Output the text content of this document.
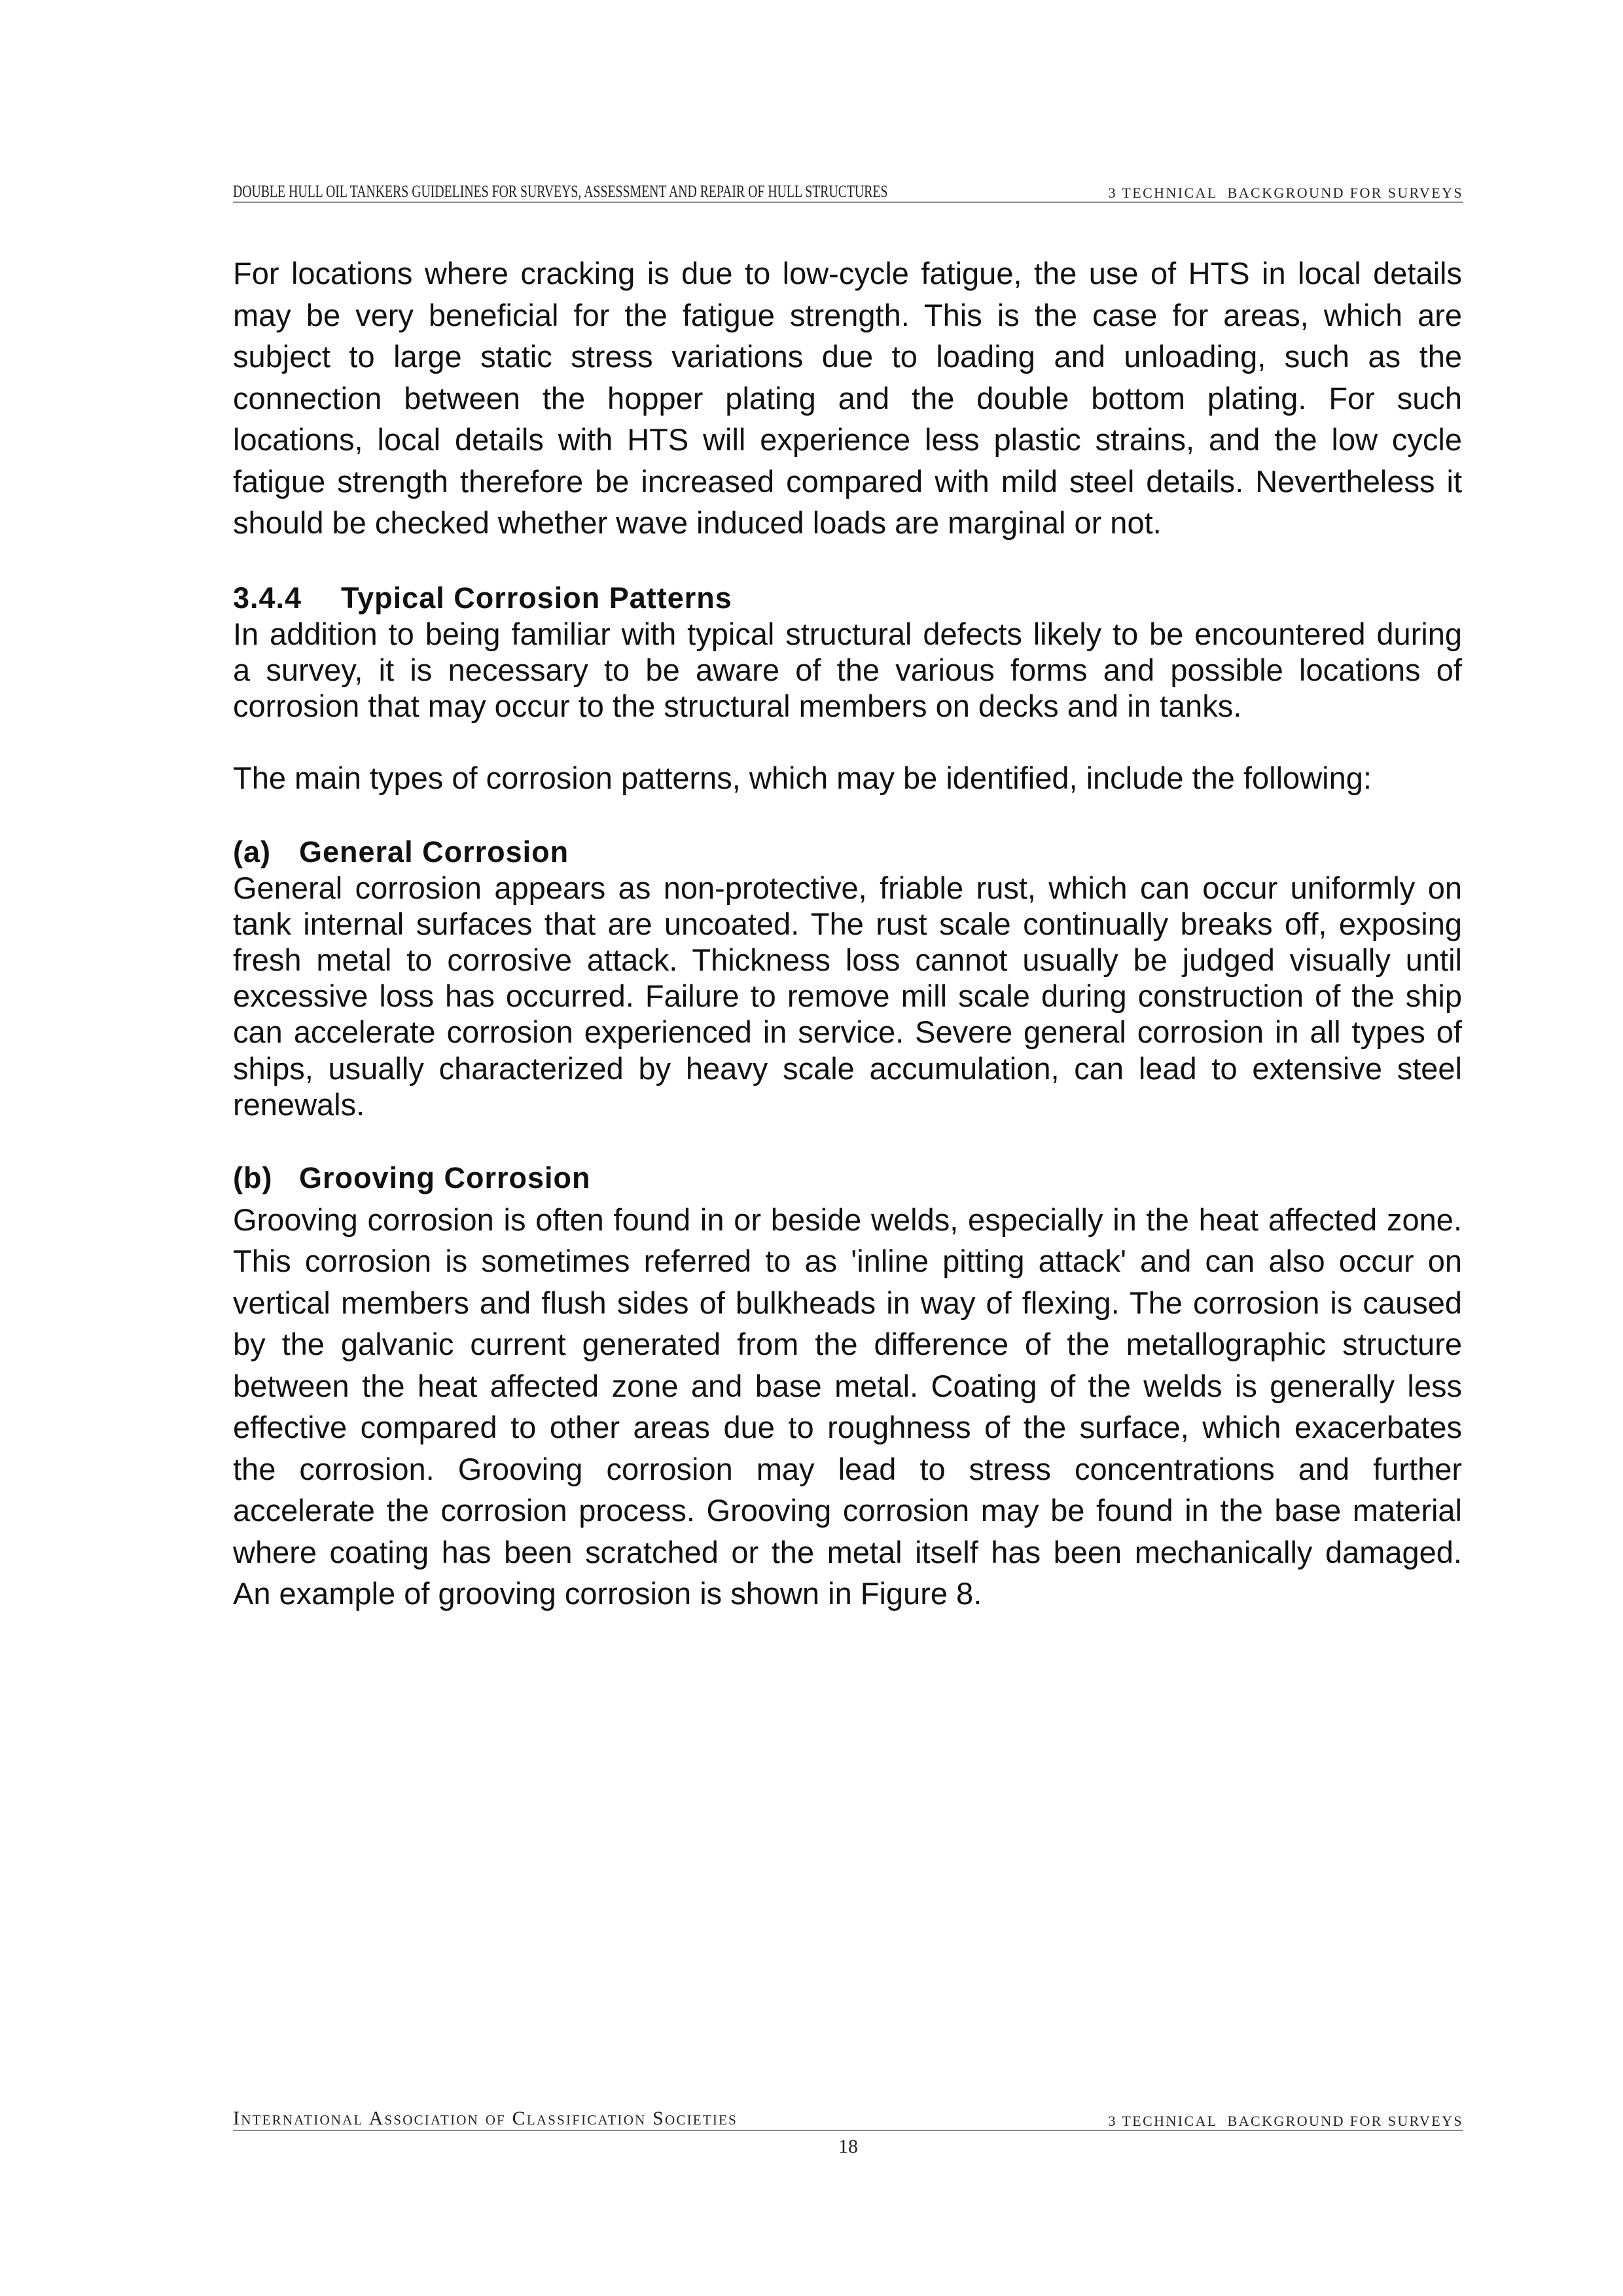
DOUBLE HULL OIL TANKERS GUIDELINES FOR SURVEYS, ASSESSMENT AND REPAIR OF HULL STRUCTURES	3 TECHNICAL  BACKGROUND FOR SURVEYS
For locations where cracking is due to low-cycle fatigue, the use of HTS in local details
may be very beneficial for the fatigue strength. This is the case for areas, which are
subject to large static stress variations due to loading and unloading, such as the
connection between the hopper plating and the double bottom plating. For such
locations, local details with HTS will experience less plastic strains, and the low cycle
fatigue strength therefore be increased compared with mild steel details. Nevertheless it
should be checked whether wave induced loads are marginal or not.
3.4.4 Typical Corrosion Patterns
In addition to being familiar with typical structural defects likely to be encountered during
a survey, it is necessary to be aware of the various forms and possible locations of
corrosion that may occur to the structural members on decks and in tanks.
The main types of corrosion patterns, which may be identified, include the following:
(a) General Corrosion
General corrosion appears as non-protective, friable rust, which can occur uniformly on
tank internal surfaces that are uncoated. The rust scale continually breaks off, exposing
fresh metal to corrosive attack. Thickness loss cannot usually be judged visually until
excessive loss has occurred. Failure to remove mill scale during construction of the ship
can accelerate corrosion experienced in service. Severe general corrosion in all types of
ships, usually characterized by heavy scale accumulation, can lead to extensive steel
renewals.
(b) Grooving Corrosion
Grooving corrosion is often found in or beside welds, especially in the heat affected zone.
This corrosion is sometimes referred to as 'inline pitting attack' and can also occur on
vertical members and flush sides of bulkheads in way of flexing. The corrosion is caused
by the galvanic current generated from the difference of the metallographic structure
between the heat affected zone and base metal. Coating of the welds is generally less
effective compared to other areas due to roughness of the surface, which exacerbates
the corrosion. Grooving corrosion may lead to stress concentrations and further
accelerate the corrosion process. Grooving corrosion may be found in the base material
where coating has been scratched or the metal itself has been mechanically damaged.
An example of grooving corrosion is shown in Figure 8.
International Association of Classification Societies	3 TECHNICAL  BACKGROUND FOR SURVEYS
18
